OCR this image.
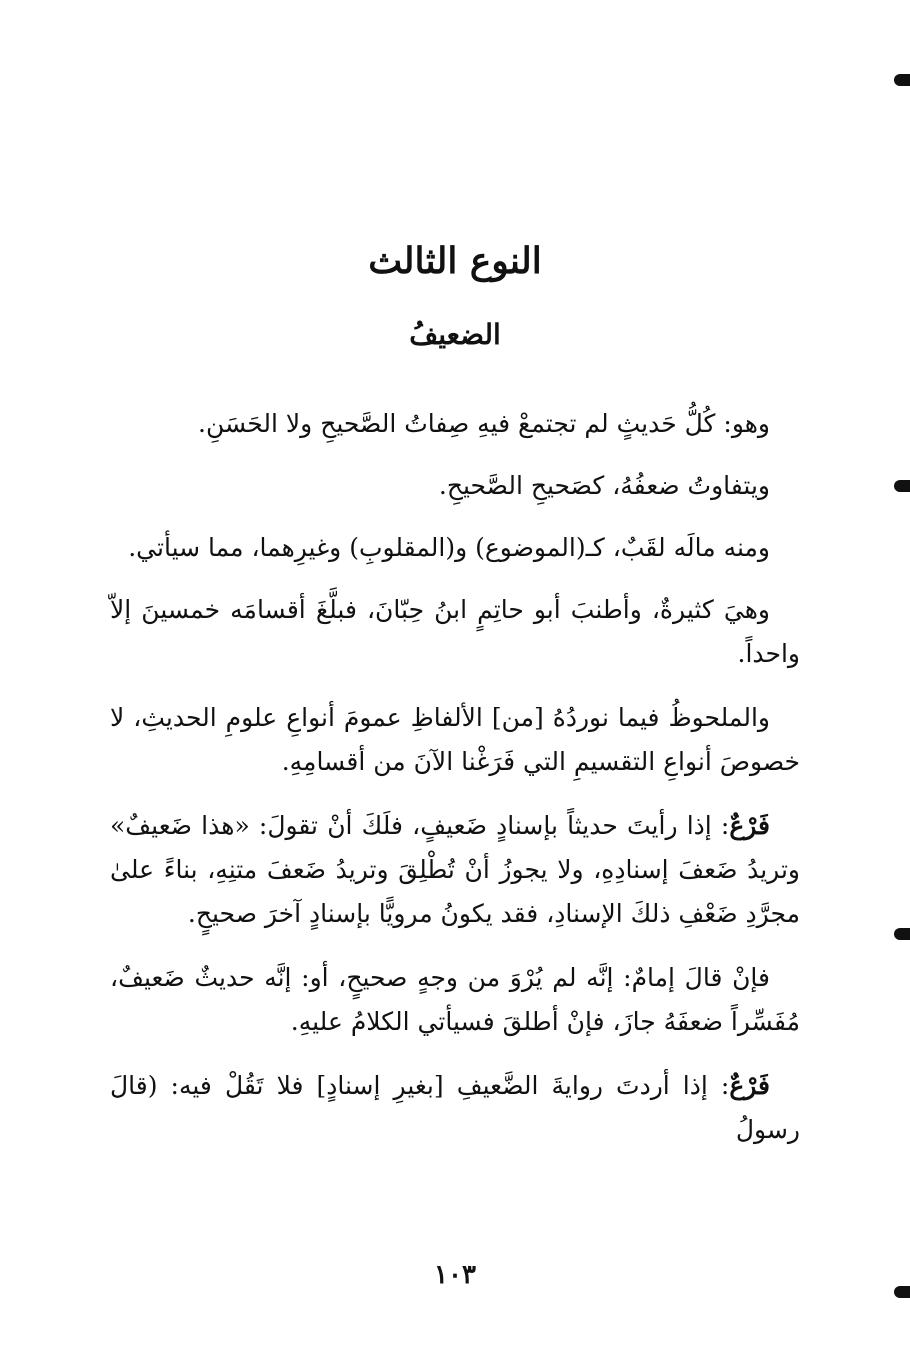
النوع الثالث
الضعيفُ

وهو: كُلُّ حَديثٍ لم تجتمعْ فيهِ صِفاتُ الصَّحيحِ ولا الحَسَنِ.

ويتفاوتُ ضعفُهُ، كصَحيحِ الصَّحيحِ.

ومنه مالَه لقَبٌ، كـ(الموضوع) و(المقلوبِ) وغيرِهما، مما سيأتي.

وهيَ كثيرةٌ، وأطنبَ أبو حاتِمٍ ابنُ حِبّانَ، فبلَّغَ أقسامَه خمسينَ إلاّ واحداً.

والملحوظُ فيما نوردُهُ [من] الألفاظِ عمومَ أنواعِ علومِ الحديثِ، لا خصوصَ أنواعِ التقسيمِ التي فَرَغْنا الآنَ من أقسامِهِ.

فَرْعٌ: إذا رأيتَ حديثاً بإسنادٍ ضَعيفٍ، فلَكَ أنْ تقولَ: «هذا ضَعيفٌ» وتريدُ ضَعفَ إسنادِهِ، ولا يجوزُ أنْ تُطْلِقَ وتريدُ ضَعفَ متنِهِ، بناءً علىٰ مجرَّدِ ضَعْفِ ذلكَ الإسنادِ، فقد يكونُ مرويًّا بإسنادٍ آخرَ صحيحٍ.

فإنْ قالَ إمامٌ: إنَّه لم يُرْوَ من وجهٍ صحيحٍ، أو: إنَّه حديثٌ ضَعيفٌ، مُفَسِّراً ضعفَهُ جازَ، فإنْ أطلقَ فسيأتي الكلامُ عليهِ.

فَرْعٌ: إذا أردتَ روايةَ الضَّعيفِ [بغيرِ إسنادٍ] فلا تَقُلْ فيه: (قالَ رسولُ

١٠٣
